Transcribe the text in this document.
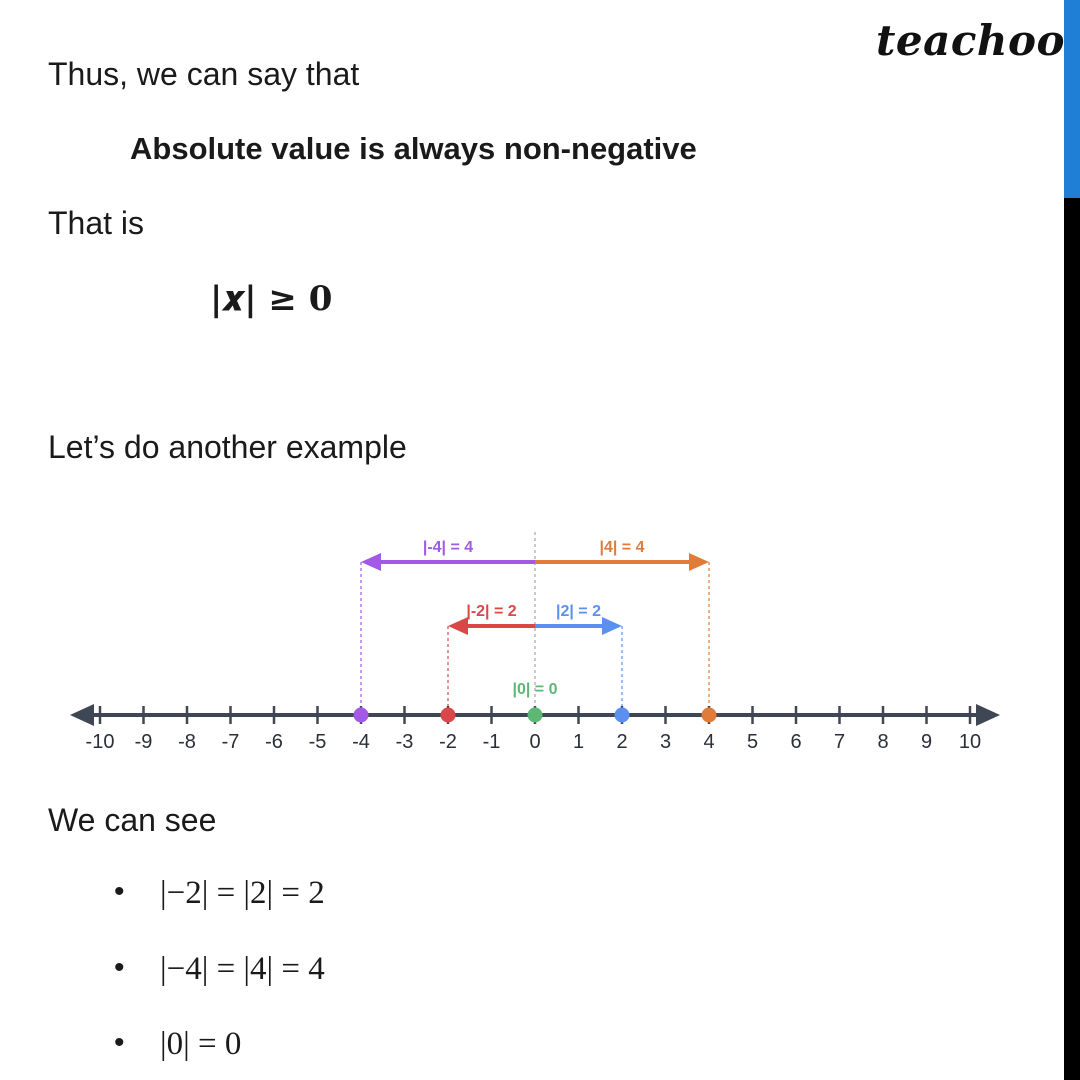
teachoo
Thus, we can say that
Absolute value is always non-negative
That is
|𝒙| ≥ 𝟎
Let’s do another example
-10 -9 -8 -7 -6 -5 -4 -3 -2 -1 0 1 2 3 4 5 6 7 8 9 10
|-4| = 4	|4| = 4
|-2| = 2 |2| = 2
|0| = 0
We can see
• |−2| = |2| = 2
• |−4| = |4| = 4
• |0| = 0
